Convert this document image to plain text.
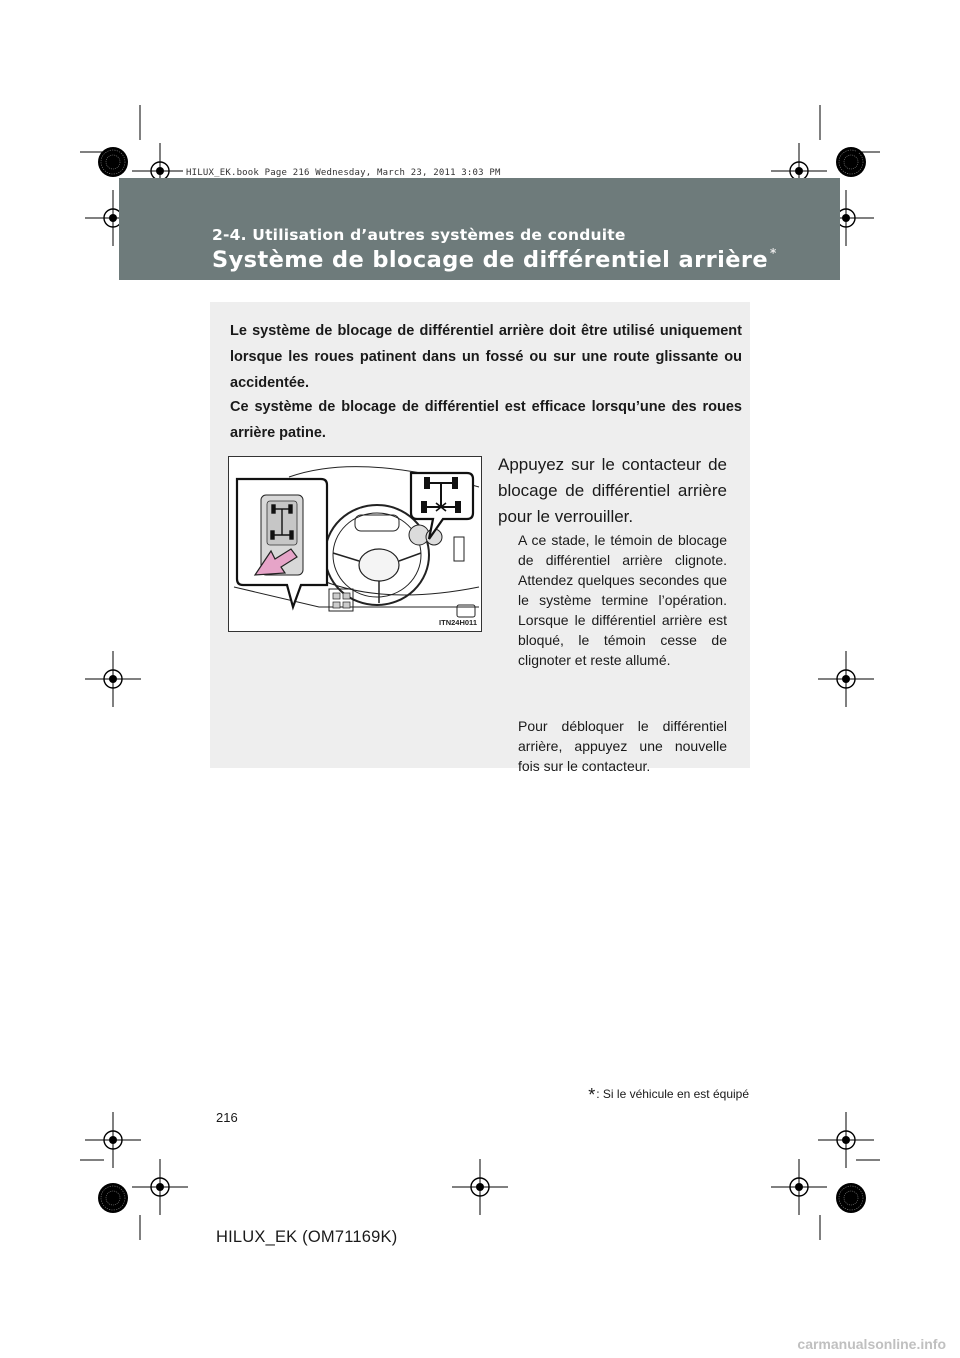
HILUX_EK.book Page 216 Wednesday, March 23, 2011 3:03 PM
2-4. Utilisation d’autres systèmes de conduite
Système de blocage de différentiel arrière *

Le système de blocage de différentiel arrière doit être utilisé uniquement lorsque les roues patinent dans un fossé ou sur une route glissante ou accidentée.

Ce système de blocage de différentiel est efficace lorsqu’une des roues arrière patine.

ITN24H011

Appuyez sur le contacteur de blocage de différentiel arrière pour le verrouiller.

A ce stade, le témoin de blocage de différentiel arrière clignote. Attendez quelques secondes que le système termine l’opération. Lorsque le différentiel arrière est bloqué, le témoin cesse de clignoter et reste allumé.

Pour débloquer le différentiel arrière, appuyez une nouvelle fois sur le contacteur.

*: Si le véhicule en est équipé
216
HILUX_EK (OM71169K)
carmanualsonline.info
